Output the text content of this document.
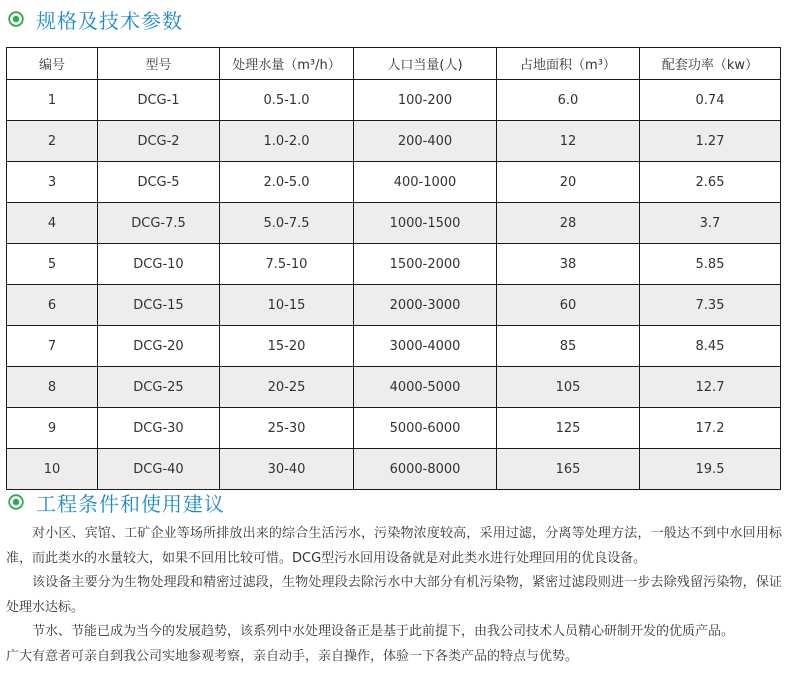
规格及技术参数
编号	型号	处理水量（m³/h）	人口当量(人)	占地面积（m³）	配套功率（kw）
1	DCG-1	0.5-1.0	100-200	6.0	0.74
2	DCG-2	1.0-2.0	200-400	12	1.27
3	DCG-5	2.0-5.0	400-1000	20	2.65
4	DCG-7.5	5.0-7.5	1000-1500	28	3.7
5	DCG-10	7.5-10	1500-2000	38	5.85
6	DCG-15	10-15	2000-3000	60	7.35
7	DCG-20	15-20	3000-4000	85	8.45
8	DCG-25	20-25	4000-5000	105	12.7
9	DCG-30	25-30	5000-6000	125	17.2
10	DCG-40	30-40	6000-8000	165	19.5
工程条件和使用建议

对小区、宾馆、工矿企业等场所排放出来的综合生活污水，污染物浓度较高，采用过滤，分离等处理方法，一般达不到中水回用标准，而此类水的水量较大，如果不回用比较可惜。DCG型污水回用设备就是对此类水进行处理回用的优良设备。

该设备主要分为生物处理段和精密过滤段，生物处理段去除污水中大部分有机污染物，紧密过滤段则进一步去除残留污染物，保证处理水达标。

节水、节能已成为当今的发展趋势，该系列中水处理设备正是基于此前提下，由我公司技术人员精心研制开发的优质产品。

广大有意者可亲自到我公司实地参观考察，亲自动手，亲自操作，体验一下各类产品的特点与优势。
